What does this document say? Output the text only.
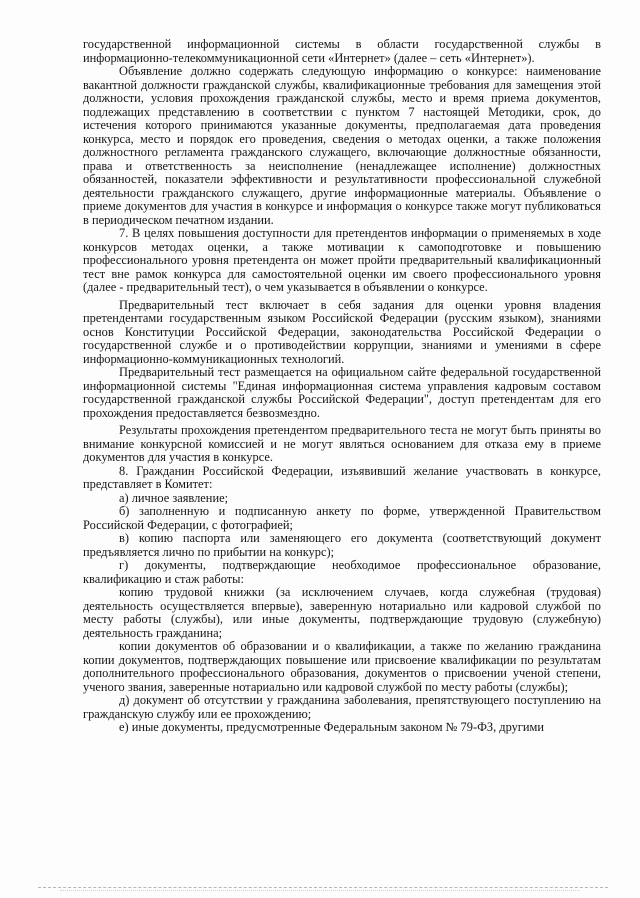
государственной информационной системы в области государственной службы в информационно-телекоммуникационной сети «Интернет» (далее – сеть «Интернет»).

Объявление должно содержать следующую информацию о конкурсе: наименование вакантной должности гражданской службы, квалификационные требования для замещения этой должности, условия прохождения гражданской службы, место и время приема документов, подлежащих представлению в соответствии с пунктом 7 настоящей Методики, срок, до истечения которого принимаются указанные документы, предполагаемая дата проведения конкурса, место и порядок его проведения, сведения о методах оценки, а также положения должностного регламента гражданского служащего, включающие должностные обязанности, права и ответственность за неисполнение (ненадлежащее исполнение) должностных обязанностей, показатели эффективности и результативности профессиональной служебной деятельности гражданского служащего, другие информационные материалы. Объявление о приеме документов для участия в конкурсе и информация о конкурсе также могут публиковаться в периодическом печатном издании.

7. В целях повышения доступности для претендентов информации о применяемых в ходе конкурсов методах оценки, а также мотивации к самоподготовке и повышению профессионального уровня претендента он может пройти предварительный квалификационный тест вне рамок конкурса для самостоятельной оценки им своего профессионального уровня (далее - предварительный тест), о чем указывается в объявлении о конкурсе.

Предварительный тест включает в себя задания для оценки уровня владения претендентами государственным языком Российской Федерации (русским языком), знаниями основ Конституции Российской Федерации, законодательства Российской Федерации о государственной службе и о противодействии коррупции, знаниями и умениями в сфере информационно-коммуникационных технологий.

Предварительный тест размещается на официальном сайте федеральной государственной информационной системы "Единая информационная система управления кадровым составом государственной гражданской службы Российской Федерации", доступ претендентам для его прохождения предоставляется безвозмездно.

Результаты прохождения претендентом предварительного теста не могут быть приняты во внимание конкурсной комиссией и не могут являться основанием для отказа ему в приеме документов для участия в конкурсе.

8. Гражданин Российской Федерации, изъявивший желание участвовать в конкурсе, представляет в Комитет:

а) личное заявление;

б) заполненную и подписанную анкету по форме, утвержденной Правительством Российской Федерации, с фотографией;

в) копию паспорта или заменяющего его документа (соответствующий документ предъявляется лично по прибытии на конкурс);

г) документы, подтверждающие необходимое профессиональное образование, квалификацию и стаж работы:

копию трудовой книжки (за исключением случаев, когда служебная (трудовая) деятельность осуществляется впервые), заверенную нотариально или кадровой службой по месту работы (службы), или иные документы, подтверждающие трудовую (служебную) деятельность гражданина;

копии документов об образовании и о квалификации, а также по желанию гражданина копии документов, подтверждающих повышение или присвоение квалификации по результатам дополнительного профессионального образования, документов о присвоении ученой степени, ученого звания, заверенные нотариально или кадровой службой по месту работы (службы);

д) документ об отсутствии у гражданина заболевания, препятствующего поступлению на гражданскую службу или ее прохождению;

е) иные документы, предусмотренные Федеральным законом № 79-ФЗ, другими
